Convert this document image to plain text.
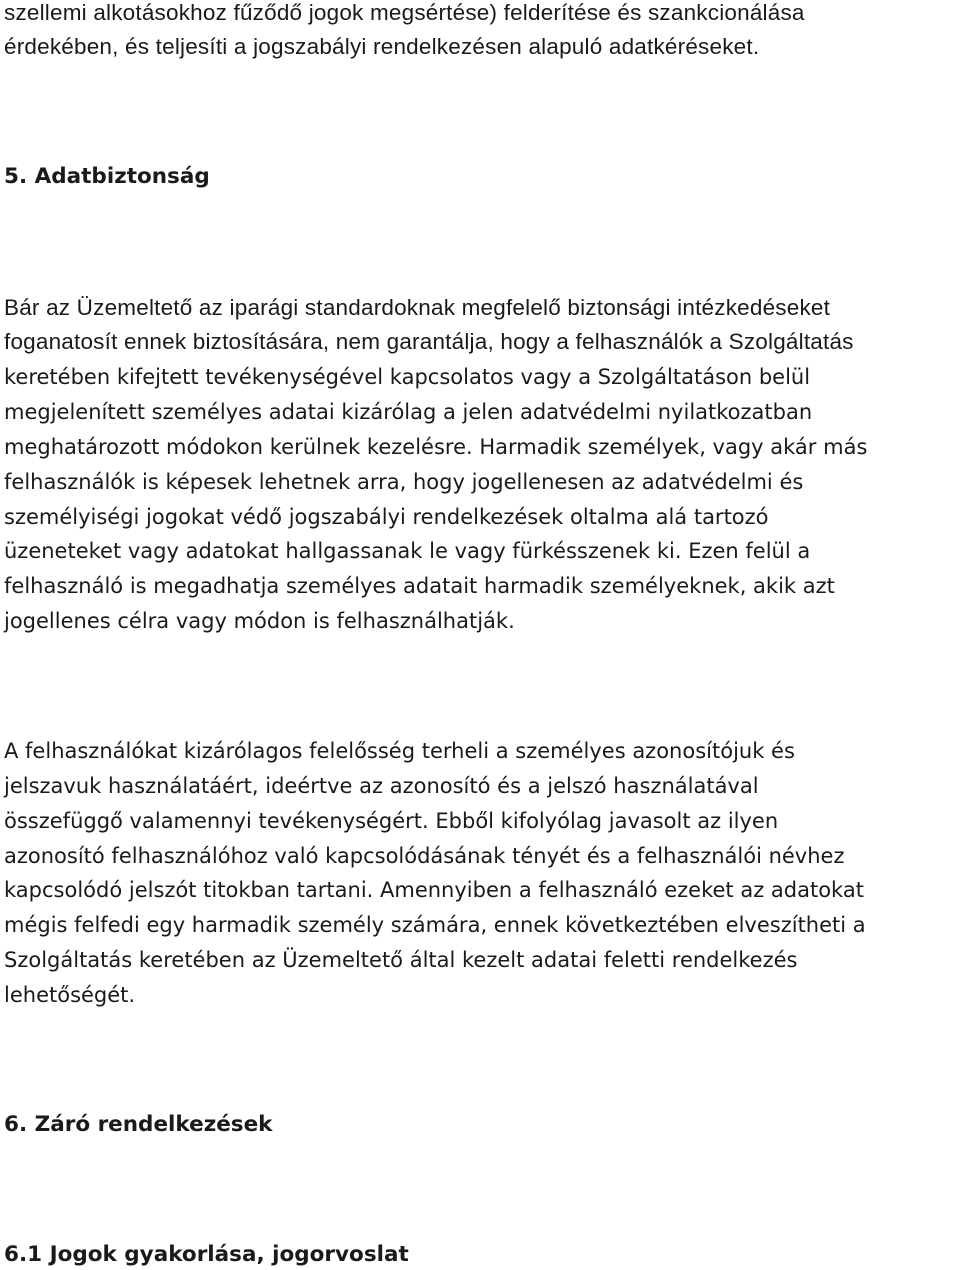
szellemi alkotásokhoz fűződő jogok megsértése) felderítése és szankcionálása
érdekében, és teljesíti a jogszabályi rendelkezésen alapuló adatkéréseket.
5. Adatbiztonság
Bár az Üzemeltető az iparági standardoknak megfelelő biztonsági intézkedéseket
foganatosít ennek biztosítására, nem garantálja, hogy a felhasználók a Szolgáltatás
keretében kifejtett tevékenységével kapcsolatos vagy a Szolgáltatáson belül
megjelenített személyes adatai kizárólag a jelen adatvédelmi nyilatkozatban
meghatározott módokon kerülnek kezelésre. Harmadik személyek, vagy akár más
felhasználók is képesek lehetnek arra, hogy jogellenesen az adatvédelmi és
személyiségi jogokat védő jogszabályi rendelkezések oltalma alá tartozó
üzeneteket vagy adatokat hallgassanak le vagy fürkésszenek ki. Ezen felül a
felhasználó is megadhatja személyes adatait harmadik személyeknek, akik azt
jogellenes célra vagy módon is felhasználhatják.
A felhasználókat kizárólagos felelősség terheli a személyes azonosítójuk és
jelszavuk használatáért, ideértve az azonosító és a jelszó használatával
összefüggő valamennyi tevékenységért. Ebből kifolyólag javasolt az ilyen
azonosító felhasználóhoz való kapcsolódásának tényét és a felhasználói névhez
kapcsolódó jelszót titokban tartani. Amennyiben a felhasználó ezeket az adatokat
mégis felfedi egy harmadik személy számára, ennek következtében elveszítheti a
Szolgáltatás keretében az Üzemeltető által kezelt adatai feletti rendelkezés
lehetőségét.
6. Záró rendelkezések
6.1 Jogok gyakorlása, jogorvoslat
